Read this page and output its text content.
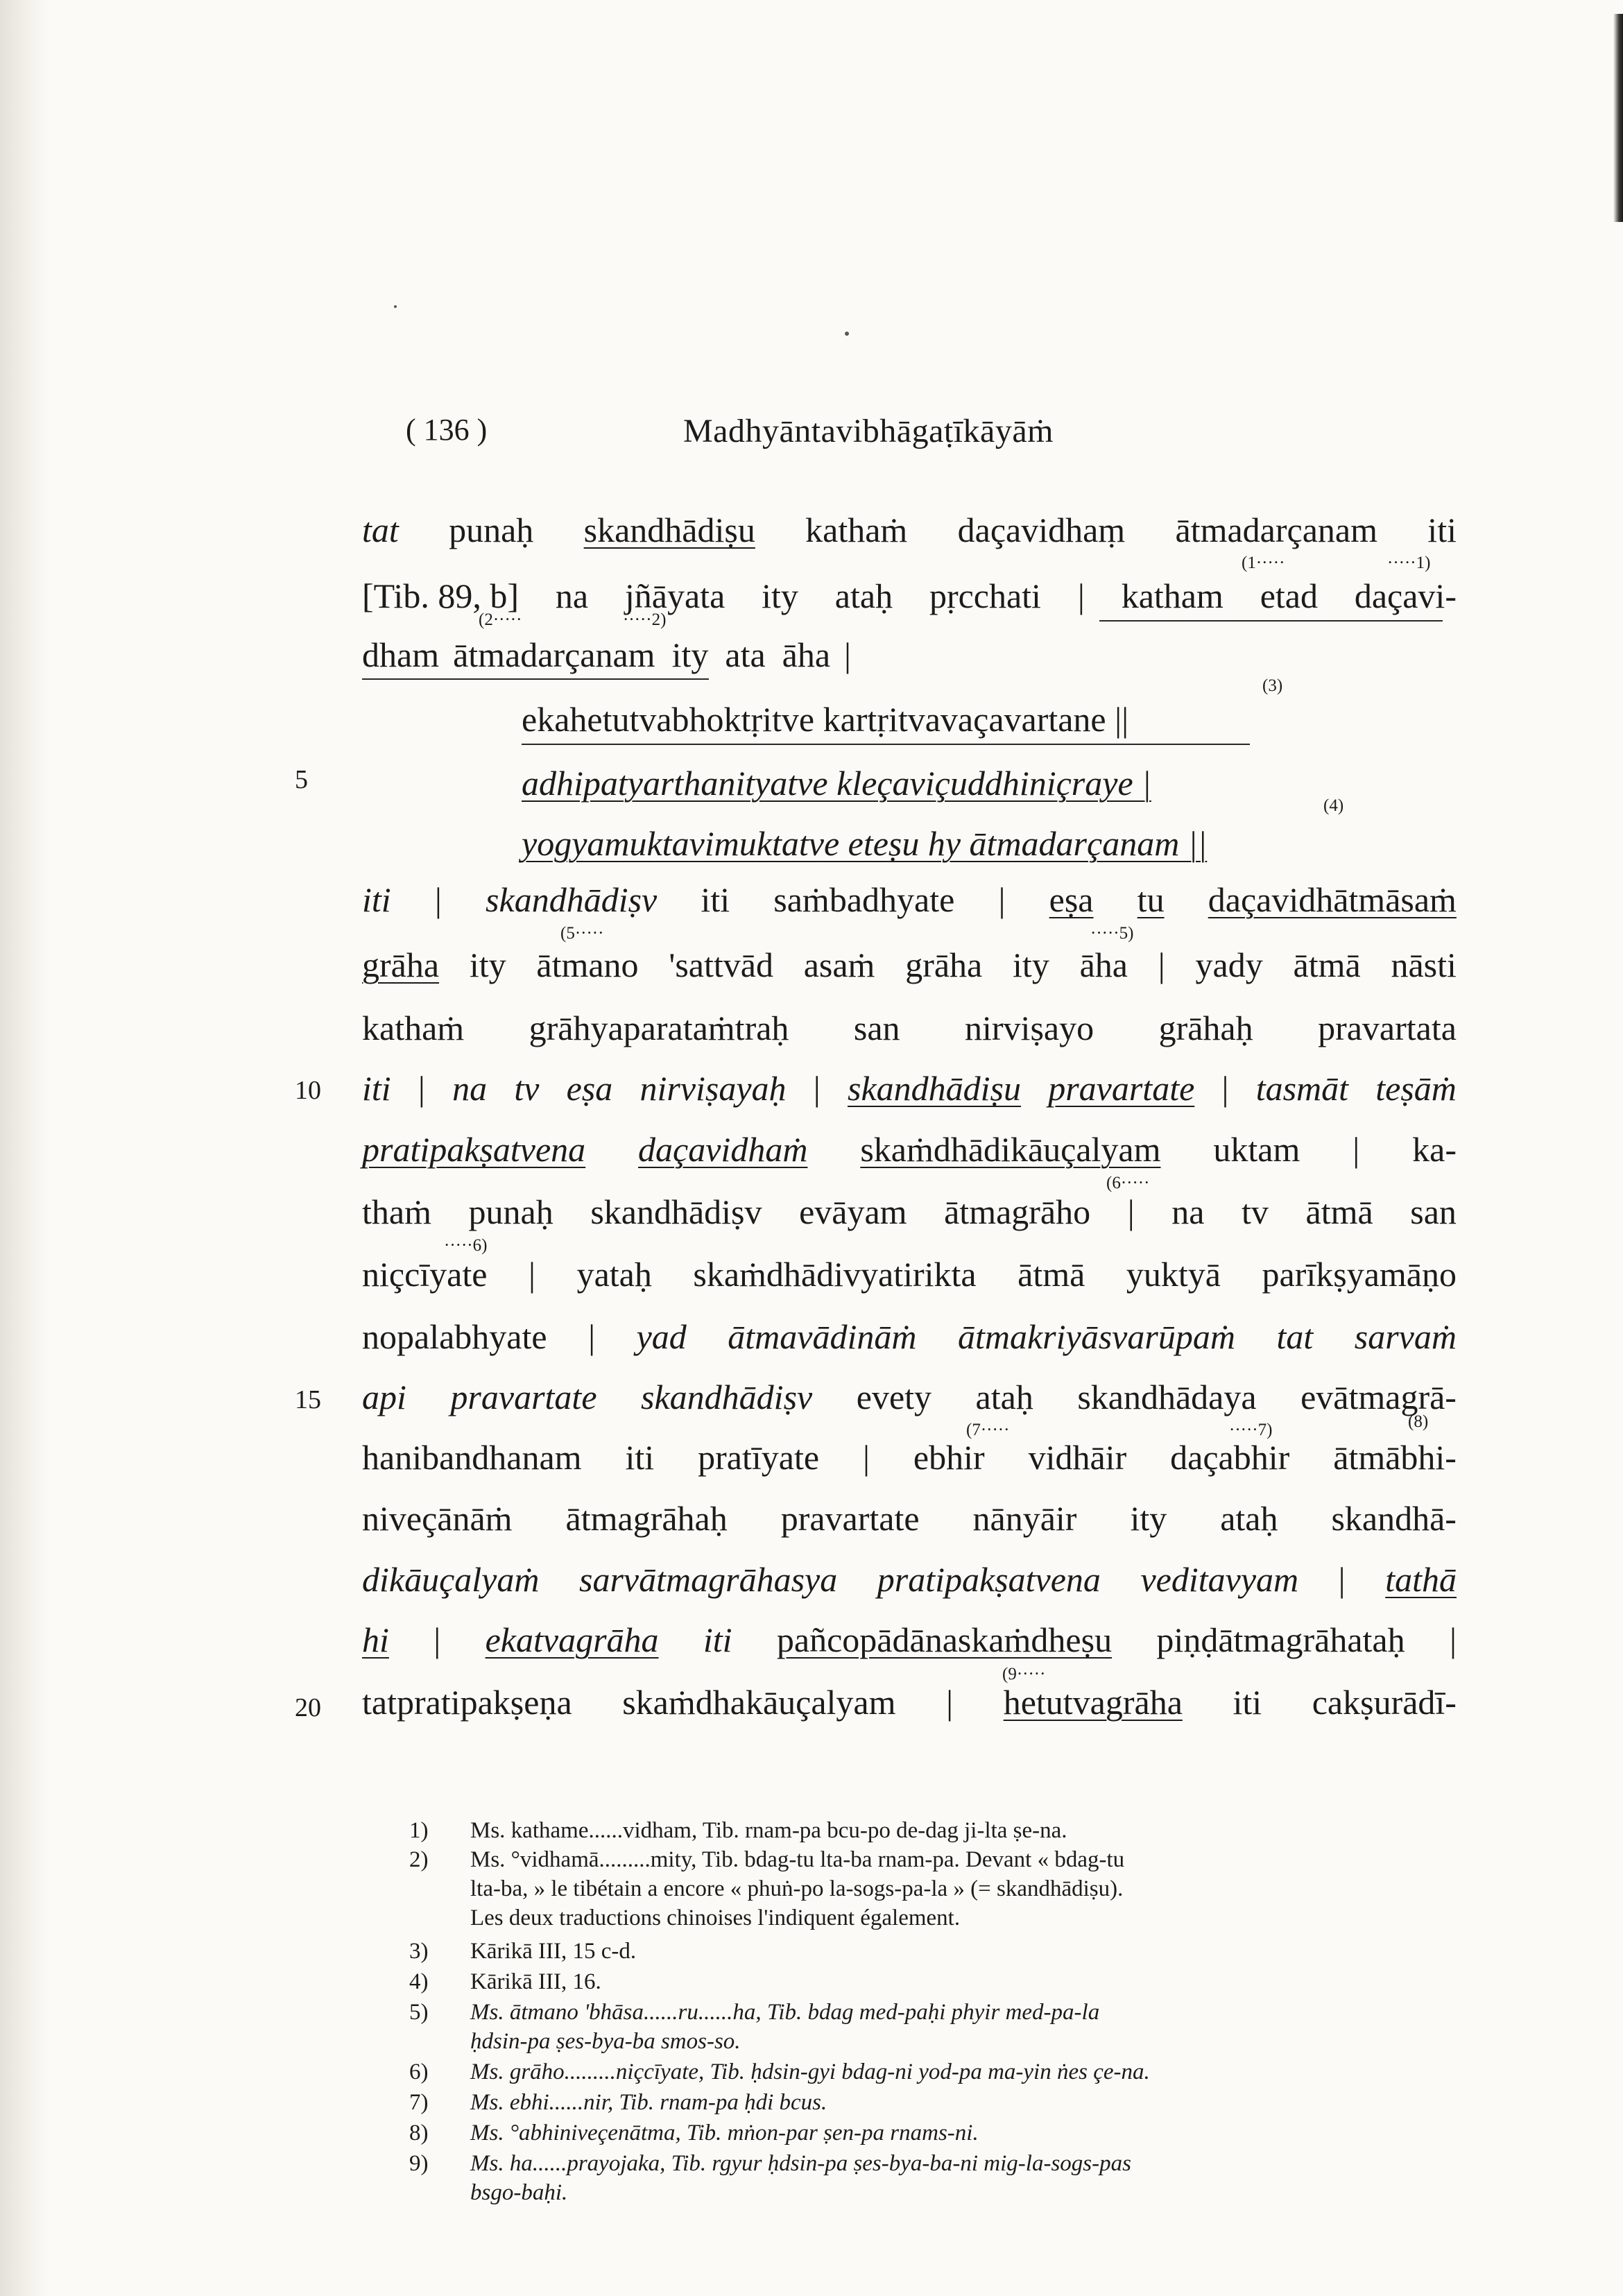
( 136 )	Madhyāntavibhāgaṭīkāyāṁ
5
10
15
20
tat punaḥ skandhādiṣu kathaṁ daçavidhaṃ ātmadarçanam iti
(1·····	·····1)
[Tib. 89, b] na jñāyata ity ataḥ pṛcchati | katham etad daçavi-
(2·····	·····2)
dham ātmadarçanam ity ata āha |
(3)
ekahetutvabhoktṛitve kartṛitvavaçavartane ||
adhipatyarthanityatve kleçaviçuddhiniçraye |
(4)
yogyamuktavimuktatve eteṣu hy ātmadarçanam ||
iti | skandhādiṣv iti saṁbadhyate | eṣa tu daçavidhātmāsaṁ
(5·····	·····5)
grāha ity ātmano 'sattvād asaṁ grāha ity āha | yady ātmā nāsti
kathaṁ grāhyaparataṁtraḥ san nirviṣayo grāhaḥ pravartata
iti | na tv eṣa nirviṣayaḥ | skandhādiṣu pravartate | tasmāt teṣāṁ
pratipakṣatvena daçavidhaṁ skaṁdhādikāuçalyam uktam | ka-
(6·····
thaṁ punaḥ skandhādiṣv evāyam ātmagrāho | na tv ātmā san
·····6)
niçcīyate | yataḥ skaṁdhādivyatirikta ātmā yuktyā parīkṣyamāṇo
nopalabhyate | yad ātmavādināṁ ātmakriyāsvarūpaṁ tat sarvaṁ
api pravartate skandhādiṣv evety ataḥ skandhādaya evātmagrā-
(7·····	·····7)	(8)
hanibandhanam iti pratīyate | ebhir vidhāir daçabhir ātmābhi-
niveçānāṁ ātmagrāhaḥ pravartate nānyāir ity ataḥ skandhā-
dikāuçalyaṁ sarvātmagrāhasya pratipakṣatvena veditavyam | tathā
hi | ekatvagrāha iti pañcopādānaskaṁdheṣu piṇḍātmagrāhataḥ |
(9·····
tatpratipakṣeṇa skaṁdhakāuçalyam | hetutvagrāha iti cakṣurādī-
1) Ms. kathame......vidham, Tib. rnam-pa bcu-po de-dag ji-lta ṣe-na.
2) Ms. °vidhamā.........mity, Tib. bdag-tu lta-ba rnam-pa. Devant « bdag-tu
lta-ba, » le tibétain a encore « phuṅ-po la-sogs-pa-la » (= skandhādiṣu).
Les deux traductions chinoises l'indiquent également.
3) Kārikā III, 15 c-d.
4) Kārikā III, 16.
5) Ms. ātmano 'bhāsa......ru......ha, Tib. bdag med-paḥi phyir med-pa-la
ḥdsin-pa ṣes-bya-ba smos-so.
6) Ms. grāho.........niçcīyate, Tib. ḥdsin-gyi bdag-ni yod-pa ma-yin ṅes çe-na.
7) Ms. ebhi......nir, Tib. rnam-pa ḥdi bcus.
8) Ms. °abhiniveçenātma, Tib. mṅon-par ṣen-pa rnams-ni.
9) Ms. ha......prayojaka, Tib. rgyur ḥdsin-pa ṣes-bya-ba-ni mig-la-sogs-pas
bsgo-baḥi.
